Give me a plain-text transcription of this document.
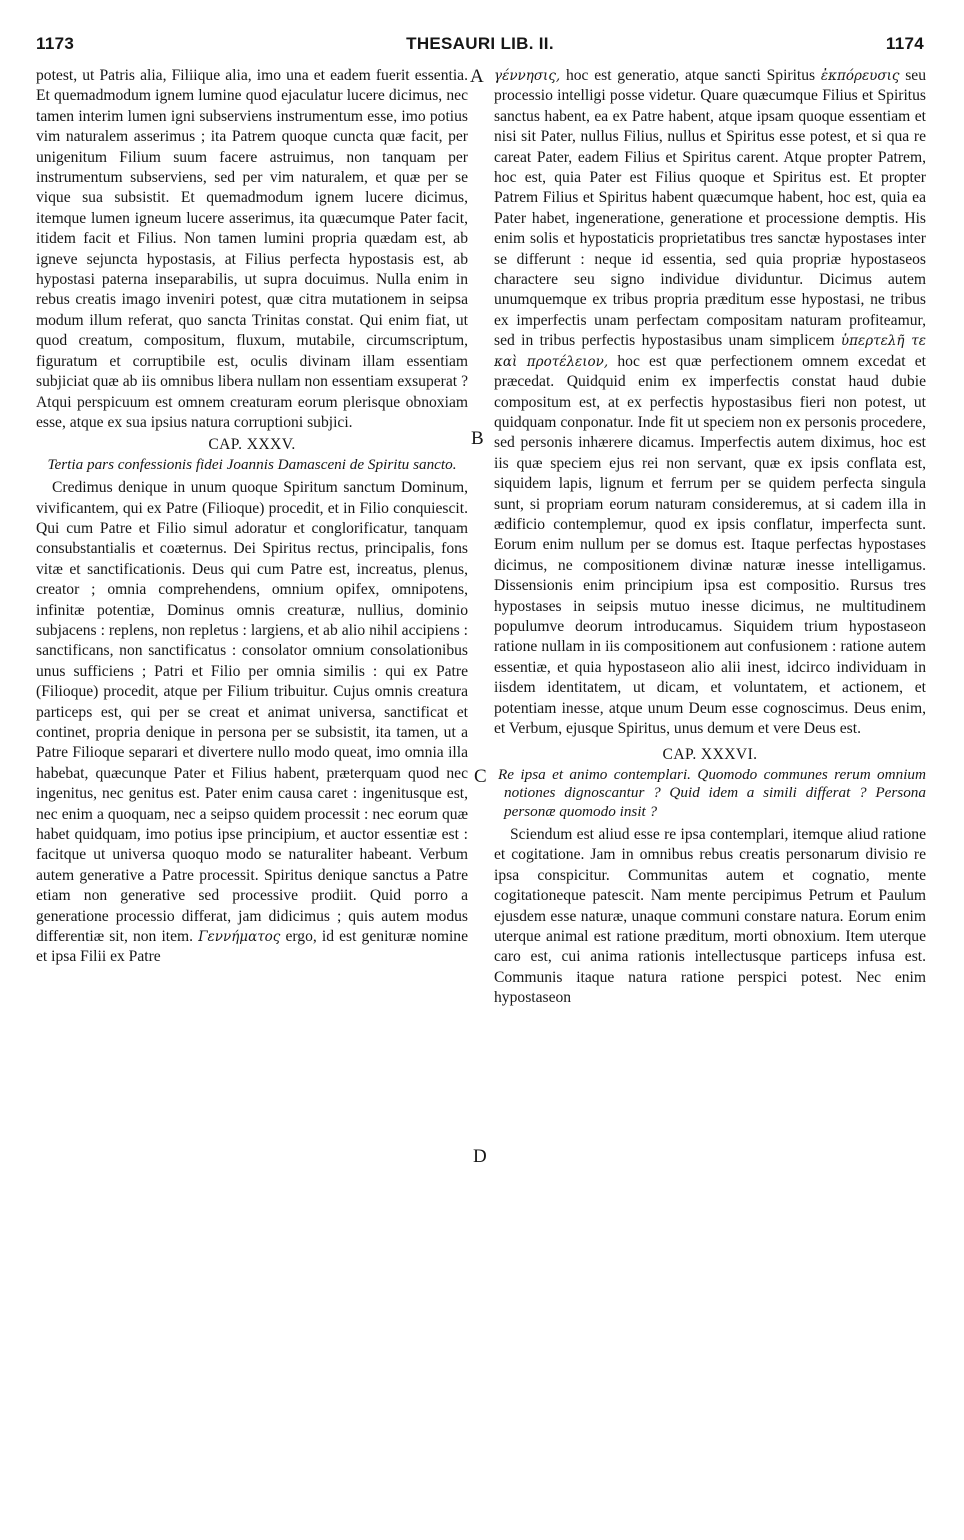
1173	THESAURI LIB. II.	1174
A
B
C
D

potest, ut Patris alia, Filiique alia, imo una et eadem fuerit essentia. Et quemadmodum ignem lumine quod ejaculatur lucere dicimus, nec tamen interim lumen igni subserviens instrumentum esse, imo potius vim naturalem asserimus ; ita Patrem quoque cuncta quæ facit, per unigenitum Filium suum facere astruimus, non tanquam per instrumentum subserviens, sed per vim naturalem, et quæ per se vique sua subsistit. Et quemadmodum ignem lucere dicimus, itemque lumen igneum lucere asserimus, ita quæcumque Pater facit, itidem facit et Filius. Non tamen lumini propria quædam est, ab igneve sejuncta hypostasis, at Filius perfecta hypostasis est, ab hypostasi paterna inseparabilis, ut supra docuimus. Nulla enim in rebus creatis imago inveniri potest, quæ citra mutationem in seipsa modum illum referat, quo sancta Trinitas constat. Qui enim fiat, ut quod creatum, compositum, fluxum, mutabile, circumscriptum, figuratum et corruptibile est, oculis divinam illam essentiam subjiciat quæ ab iis omnibus libera nullam non essentiam exsuperat ? Atqui perspicuum est omnem creaturam eorum plerisque obnoxiam esse, atque ex sua ipsius natura corruptioni subjici.

CAP. XXXV.
Tertia pars confessionis fidei Joannis Damasceni de Spiritu sancto.

Credimus denique in unum quoque Spiritum sanctum Dominum, vivificantem, qui ex Patre (Filioque) procedit, et in Filio conquiescit. Qui cum Patre et Filio simul adoratur et conglorificatur, tanquam consubstantialis et coæternus. Dei Spiritus rectus, principalis, fons vitæ et sanctificationis. Deus qui cum Patre est, increatus, plenus, creator ; omnia comprehendens, omnium opifex, omnipotens, infinitæ potentiæ, Dominus omnis creaturæ, nullius, dominio subjacens : replens, non repletus : largiens, et ab alio nihil accipiens : sanctificans, non sanctificatus : consolator omnium consolationibus unus sufficiens ; Patri et Filio per omnia similis : qui ex Patre (Filioque) procedit, atque per Filium tribuitur. Cujus omnis creatura particeps est, qui per se creat et animat universa, sanctificat et continet, propria denique in persona per se subsistit, ita tamen, ut a Patre Filioque separari et divertere nullo modo queat, imo omnia illa habebat, quæcunque Pater et Filius habent, præterquam quod nec ingenitus, nec genitus est. Pater enim causa caret : ingenitusque est, nec enim a quoquam, nec a seipso quidem processit : nec eorum quæ habet quidquam, imo potius ipse principium, et auctor essentiæ est : facitque ut universa quoquo modo se naturaliter habeant. Verbum autem generative a Patre processit. Spiritus denique sanctus a Patre etiam non generative sed processive prodiit. Quid porro a generatione processio differat, jam didicimus ; quis autem modus differentiæ sit, non item. Γεννήματος ergo, id est genituræ nomine et ipsa Filii ex Patre

γέννησις, hoc est generatio, atque sancti Spiritus ἐκπόρευσις seu processio intelligi posse videtur. Quare quæcumque Filius et Spiritus sanctus habent, ea ex Patre habent, atque ipsam quoque essentiam et nisi sit Pater, nullus Filius, nullus et Spiritus esse potest, et si qua re careat Pater, eadem Filius et Spiritus carent. Atque propter Patrem, hoc est, quia Pater est Filius quoque et Spiritus est. Et propter Patrem Filius et Spiritus habent quæcumque habent, hoc est, quia ea Pater habet, ingeneratione, generatione et processione demptis. His enim solis et hypostaticis proprietatibus tres sanctæ hypostases inter se differunt : neque id essentia, sed quia propriæ hypostaseos charactere seu signo individue dividuntur. Dicimus autem unumquemque ex tribus propria præditum esse hypostasi, ne tribus ex imperfectis unam perfectam compositam naturam profiteamur, sed in tribus perfectis hypostasibus unam simplicem ὑπερτελῆ τε καὶ προτέλειον, hoc est quæ perfectionem omnem excedat et præcedat. Quidquid enim ex imperfectis constat haud dubie compositum est, at ex perfectis hypostasibus fieri non potest, ut quidquam conponatur. Inde fit ut speciem non ex personis procedere, sed personis inhærere dicamus. Imperfectis autem diximus, hoc est iis quæ speciem ejus rei non servant, quæ ex ipsis conflata est, siquidem lapis, lignum et ferrum per se quidem perfecta singula sunt, si propriam eorum naturam consideremus, at si cadem illa in ædificio contemplemur, quod ex ipsis conflatur, imperfecta sunt. Eorum enim nullum per se domus est. Itaque perfectas hypostases dicimus, ne compositionem divinæ naturæ inesse intelligamus. Dissensionis enim principium ipsa est compositio. Rursus tres hypostases in seipsis mutuo inesse dicimus, ne multitudinem populumve deorum introducamus. Siquidem trium hypostaseon ratione nullam in iis compositionem aut confusionem : ratione autem essentiæ, et quia hypostaseon alio alii inest, idcirco individuam in iisdem identitatem, ut dicam, et voluntatem, et actionem, et potentiam inesse, atque unum Deum esse cognoscimus. Deus enim, et Verbum, ejusque Spiritus, unus demum et vere Deus est.

CAP. XXXVI.
Re ipsa et animo contemplari. Quomodo communes rerum omnium notiones dignoscantur ? Quid idem a simili differat ? Persona personæ quomodo insit ?

Sciendum est aliud esse re ipsa contemplari, itemque aliud ratione et cogitatione. Jam in omnibus rebus creatis personarum divisio re ipsa conspicitur. Communitas autem et cognatio, mente cogitationeque patescit. Nam mente percipimus Petrum et Paulum ejusdem esse naturæ, unaque communi constare natura. Eorum enim uterque animal est ratione præditum, morti obnoxium. Item uterque caro est, cui anima rationis intellectusque particeps infusa est. Communis itaque natura ratione perspici potest. Nec enim hypostaseon
